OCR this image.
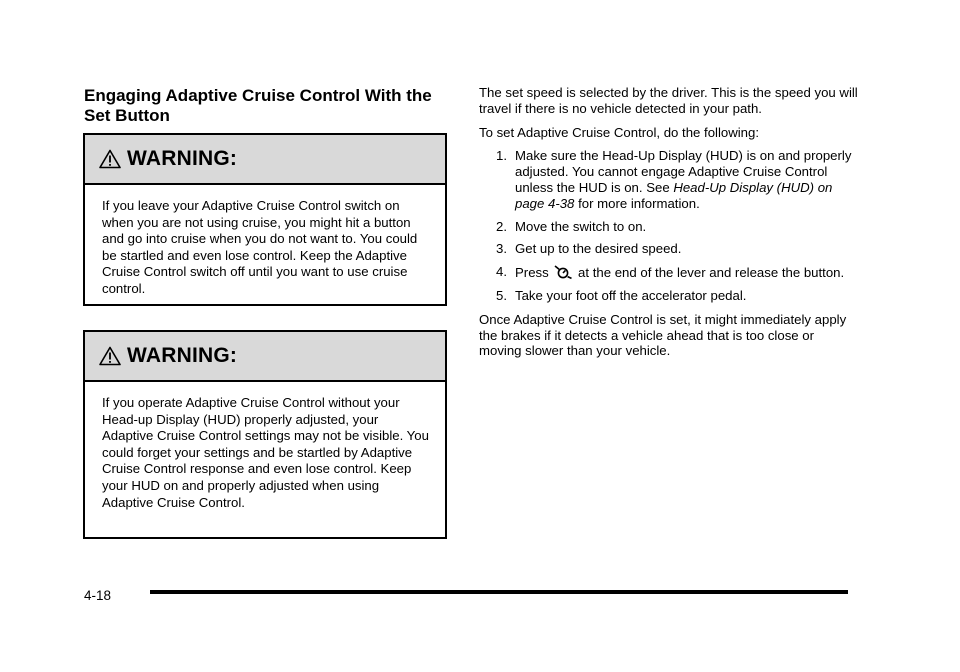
Engaging Adaptive Cruise Control With the Set Button
WARNING:
If you leave your Adaptive Cruise Control switch on when you are not using cruise, you might hit a button and go into cruise when you do not want to. You could be startled and even lose control. Keep the Adaptive Cruise Control switch off until you want to use cruise control.
WARNING:
If you operate Adaptive Cruise Control without your Head-up Display (HUD) properly adjusted, your Adaptive Cruise Control settings may not be visible. You could forget your settings and be startled by Adaptive Cruise Control response and even lose control. Keep your HUD on and properly adjusted when using Adaptive Cruise Control.

The set speed is selected by the driver. This is the speed you will travel if there is no vehicle detected in your path.

To set Adaptive Cruise Control, do the following:

1. Make sure the Head-Up Display (HUD) is on and properly adjusted. You cannot engage Adaptive Cruise Control unless the HUD is on. See Head-Up Display (HUD) on page 4-38 for more information.
2. Move the switch to on.
3. Get up to the desired speed.
4. Press  at the end of the lever and release the button.
5. Take your foot off the accelerator pedal.

Once Adaptive Cruise Control is set, it might immediately apply the brakes if it detects a vehicle ahead that is too close or moving slower than your vehicle.

4-18
